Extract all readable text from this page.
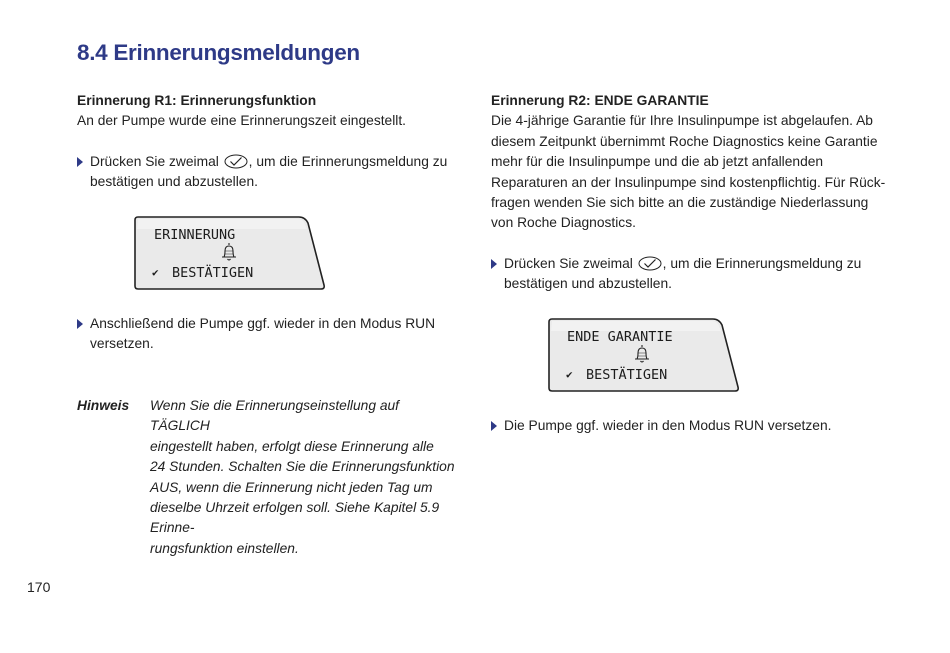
8.4 Erinnerungsmeldungen
Erinnerung R1: Erinnerungsfunktion
An der Pumpe wurde eine Erinnerungszeit eingestellt.
Drücken Sie zweimal , um die Erinnerungsmeldung zu bestätigen und abzustellen.
ERINNERUNG
✔ BESTÄTIGEN
Anschließend die Pumpe ggf. wieder in den Modus RUN versetzen.
Hinweis Wenn Sie die Erinnerungseinstellung auf TÄGLICH
eingestellt haben, erfolgt diese Erinnerung alle
24 Stunden. Schalten Sie die Erinnerungsfunktion
AUS, wenn die Erinnerung nicht jeden Tag um
dieselbe Uhrzeit erfolgen soll. Siehe Kapitel 5.9 Erinne-
rungsfunktion einstellen.
Erinnerung R2: ENDE GARANTIE
Die 4-jährige Garantie für Ihre Insulinpumpe ist abgelaufen. Ab diesem Zeitpunkt übernimmt Roche Diagnostics keine Garantie mehr für die Insulinpumpe und die ab jetzt anfallenden Reparaturen an der Insulinpumpe sind kostenpflichtig. Für Rück-fragen wenden Sie sich bitte an die zuständige Niederlassung von Roche Diagnostics.
Drücken Sie zweimal , um die Erinnerungsmeldung zu bestätigen und abzustellen.
ENDE GARANTIE
✔ BESTÄTIGEN
Die Pumpe ggf. wieder in den Modus RUN versetzen.
170
